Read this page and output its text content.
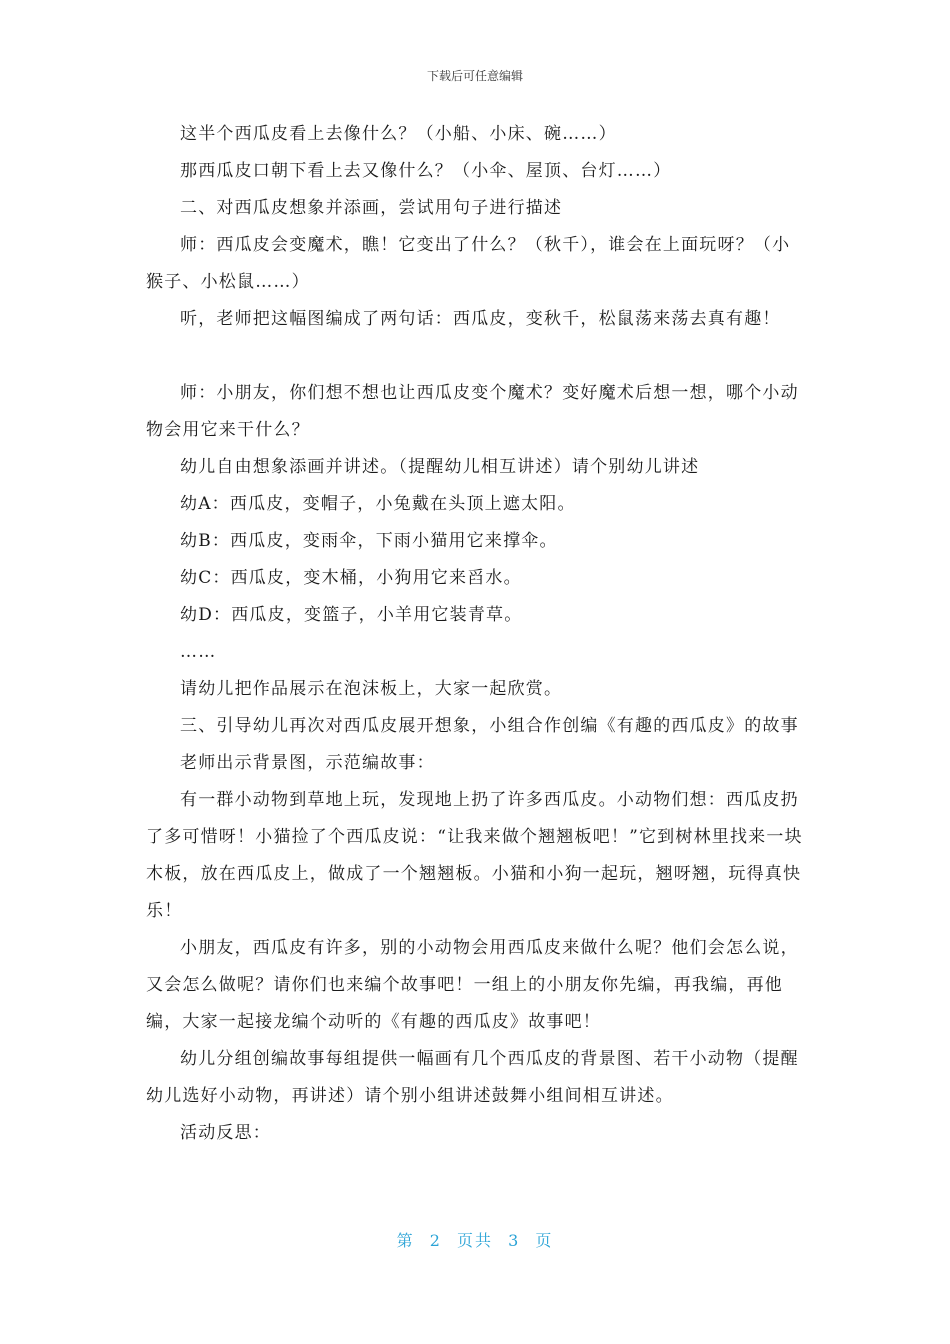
下载后可任意编辑

这半个西瓜皮看上去像什么？（小船、小床、碗……）

那西瓜皮口朝下看上去又像什么？（小伞、屋顶、台灯……）

二、对西瓜皮想象并添画，尝试用句子进行描述

师：西瓜皮会变魔术，瞧！它变出了什么？（秋千），谁会在上面玩呀？（小猴子、小松鼠……）

听，老师把这幅图编成了两句话：西瓜皮，变秋千，松鼠荡来荡去真有趣！

师：小朋友，你们想不想也让西瓜皮变个魔术？变好魔术后想一想，哪个小动物会用它来干什么？

幼儿自由想象添画并讲述。（提醒幼儿相互讲述）请个别幼儿讲述

幼A：西瓜皮，变帽子，小兔戴在头顶上遮太阳。

幼B：西瓜皮，变雨伞，下雨小猫用它来撑伞。

幼C：西瓜皮，变木桶，小狗用它来舀水。

幼D：西瓜皮，变篮子，小羊用它装青草。

……

请幼儿把作品展示在泡沫板上，大家一起欣赏。

三、引导幼儿再次对西瓜皮展开想象，小组合作创编《有趣的西瓜皮》的故事

老师出示背景图，示范编故事：

有一群小动物到草地上玩，发现地上扔了许多西瓜皮。小动物们想：西瓜皮扔了多可惜呀！小猫捡了个西瓜皮说：“让我来做个翘翘板吧！”它到树林里找来一块木板，放在西瓜皮上，做成了一个翘翘板。小猫和小狗一起玩，翘呀翘，玩得真快乐！

小朋友，西瓜皮有许多，别的小动物会用西瓜皮来做什么呢？他们会怎么说，又会怎么做呢？请你们也来编个故事吧！一组上的小朋友你先编，再我编，再他编，大家一起接龙编个动听的《有趣的西瓜皮》故事吧！

幼儿分组创编故事每组提供一幅画有几个西瓜皮的背景图、若干小动物（提醒幼儿选好小动物，再讲述）请个别小组讲述鼓舞小组间相互讲述。

活动反思：

第 2 页共 3 页
